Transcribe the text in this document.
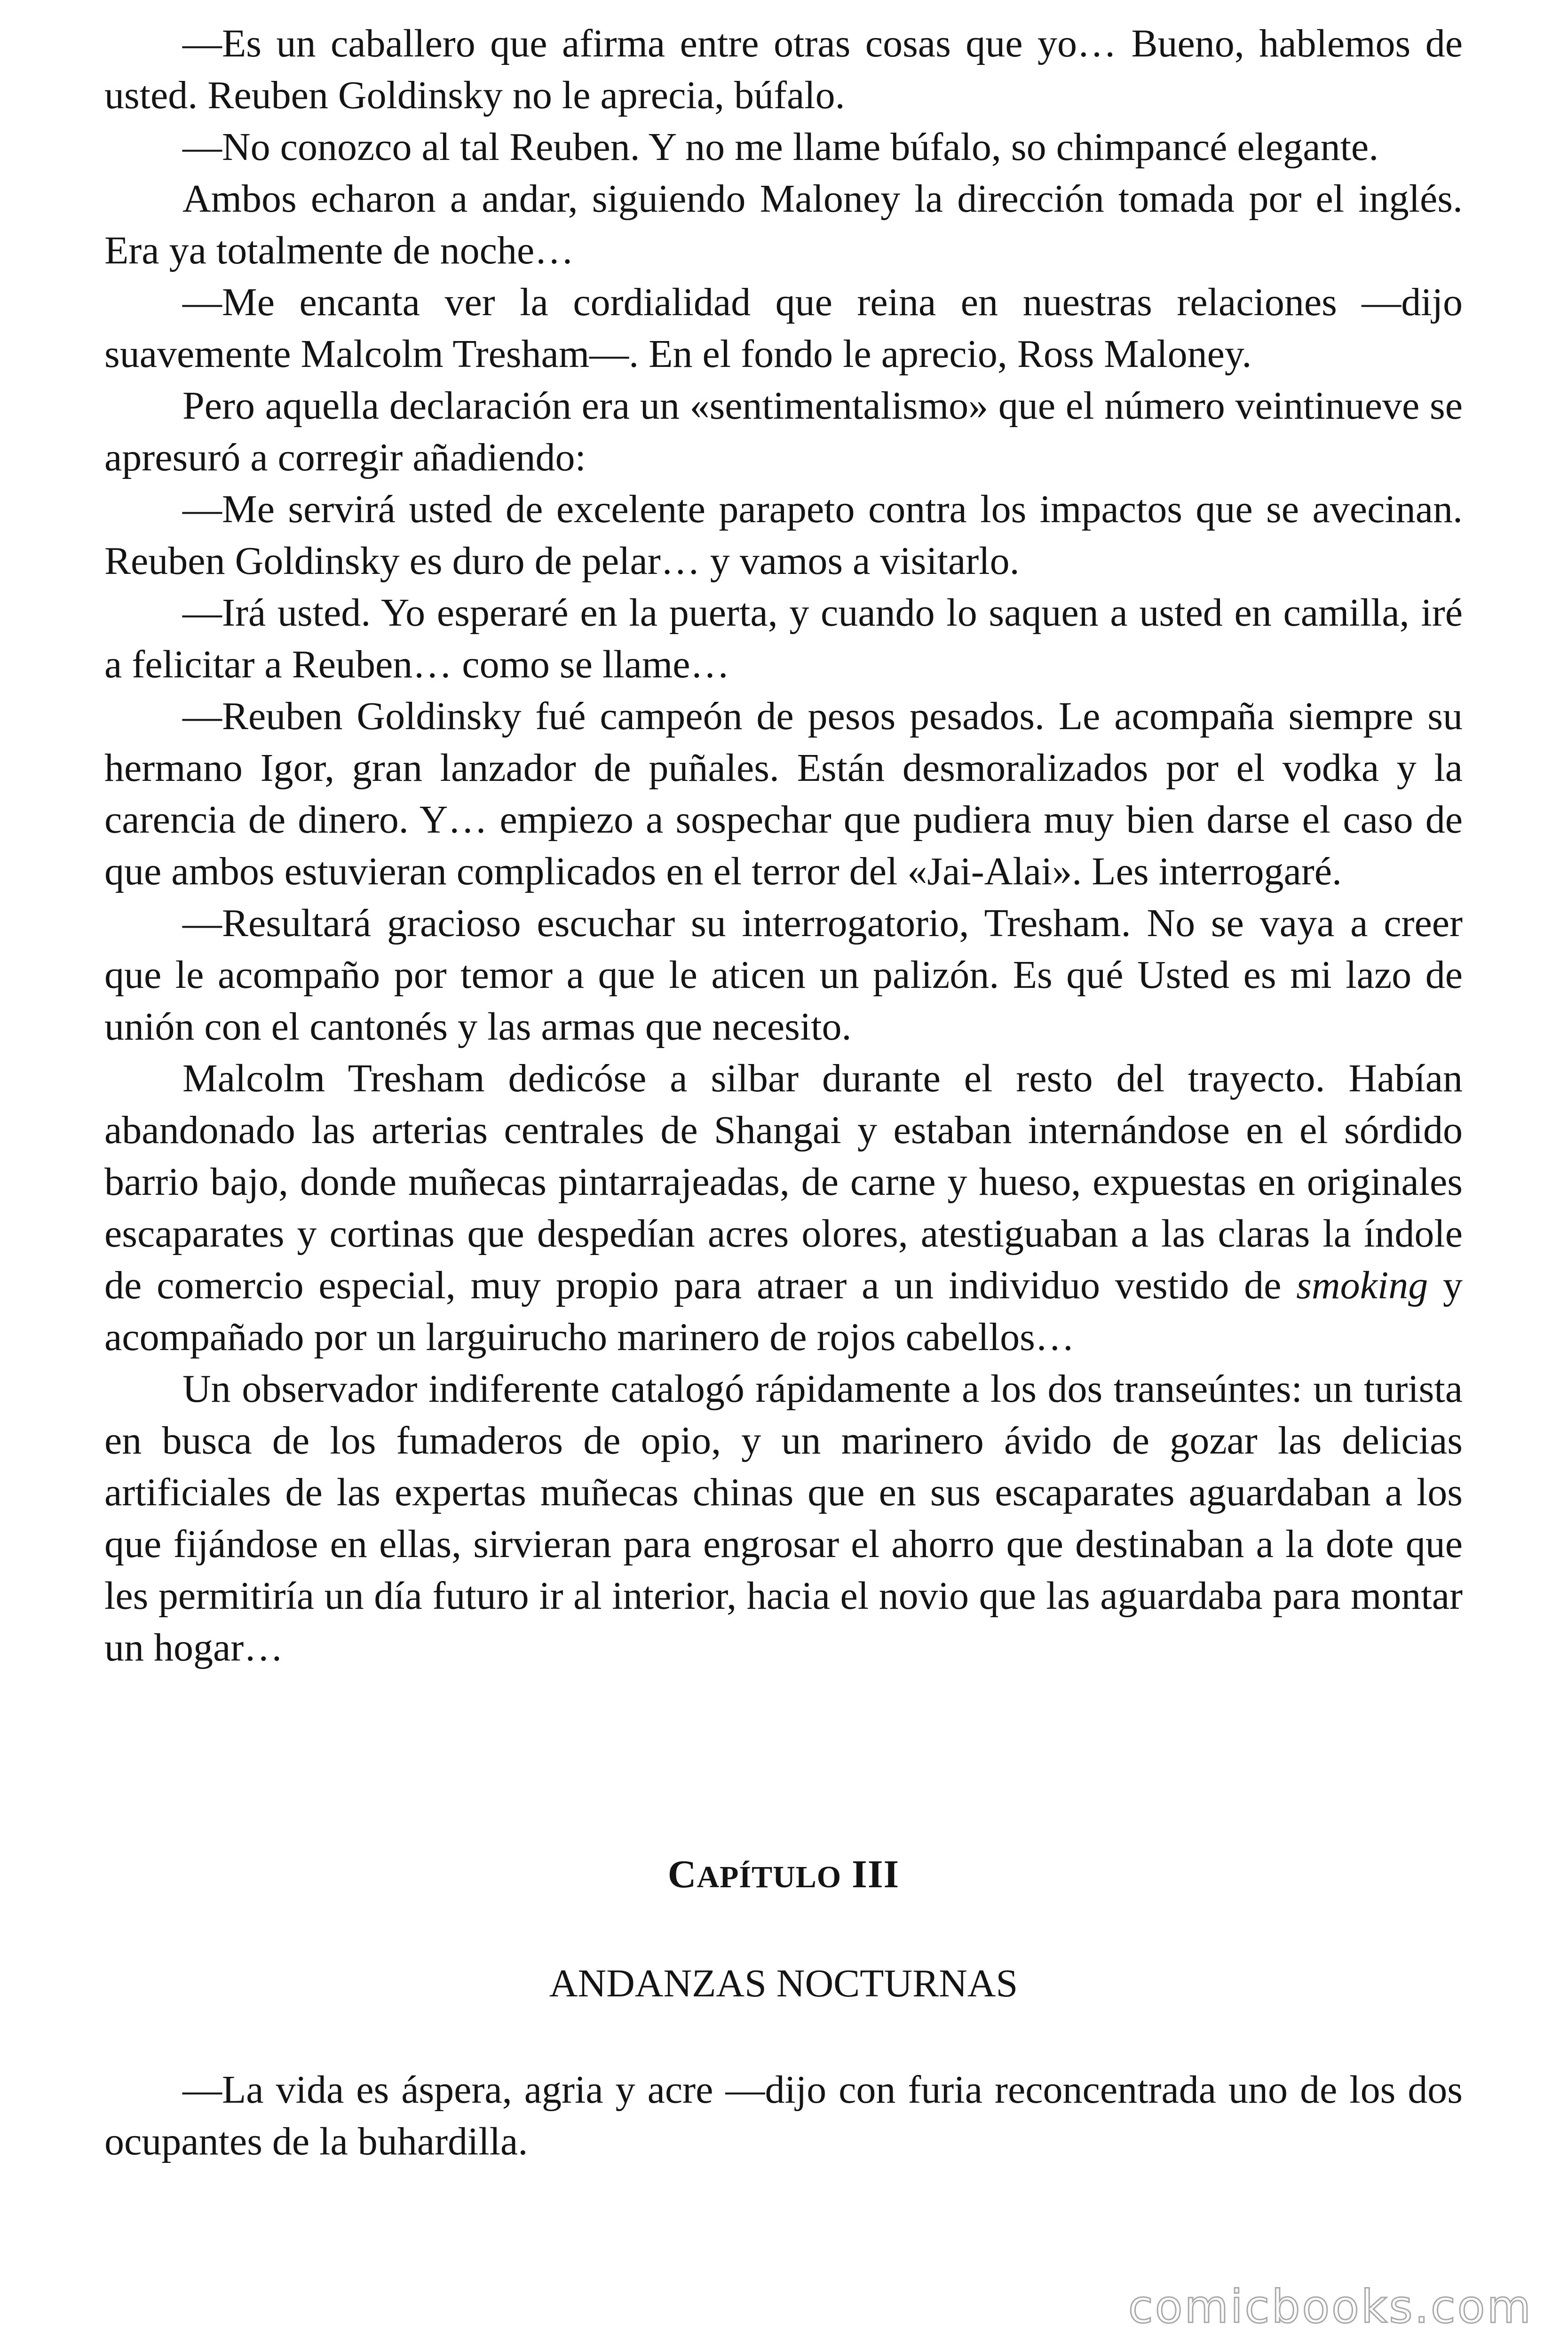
—Es un caballero que afirma entre otras cosas que yo… Bueno, hablemos de usted. Reuben Goldinsky no le aprecia, búfalo.

—No conozco al tal Reuben. Y no me llame búfalo, so chimpancé elegante.

Ambos echaron a andar, siguiendo Maloney la dirección tomada por el inglés. Era ya totalmente de noche…

—Me encanta ver la cordialidad que reina en nuestras relaciones —dijo suavemente Malcolm Tresham—. En el fondo le aprecio, Ross Maloney.

Pero aquella declaración era un «sentimentalismo» que el número veintinueve se apresuró a corregir añadiendo:

—Me servirá usted de excelente parapeto contra los impactos que se avecinan. Reuben Goldinsky es duro de pelar… y vamos a visitarlo.

—Irá usted. Yo esperaré en la puerta, y cuando lo saquen a usted en camilla, iré a felicitar a Reuben… como se llame…

—Reuben Goldinsky fué campeón de pesos pesados. Le acompaña siempre su hermano Igor, gran lanzador de puñales. Están desmoralizados por el vodka y la carencia de dinero. Y… empiezo a sospechar que pudiera muy bien darse el caso de que ambos estuvieran complicados en el terror del «Jai-Alai». Les interrogaré.

—Resultará gracioso escuchar su interrogatorio, Tresham. No se vaya a creer que le acompaño por temor a que le aticen un palizón. Es qué Usted es mi lazo de unión con el cantonés y las armas que necesito.

Malcolm Tresham dedicóse a silbar durante el resto del trayecto. Habían abandonado las arterias centrales de Shangai y estaban internándose en el sórdido barrio bajo, donde muñecas pintarrajeadas, de carne y hueso, expuestas en originales escaparates y cortinas que despedían acres olores, atestiguaban a las claras la índole de comercio especial, muy propio para atraer a un individuo vestido de smoking y acompañado por un larguirucho marinero de rojos cabellos…

Un observador indiferente catalogó rápidamente a los dos transeúntes: un turista en busca de los fumaderos de opio, y un marinero ávido de gozar las delicias artificiales de las expertas muñecas chinas que en sus escaparates aguardaban a los que fijándose en ellas, sirvieran para engrosar el ahorro que destinaban a la dote que les permitiría un día futuro ir al interior, hacia el novio que las aguardaba para montar un hogar…

CAPÍTULO III
ANDANZAS NOCTURNAS

—La vida es áspera, agria y acre —dijo con furia reconcentrada uno de los dos ocupantes de la buhardilla.

comicbooks.com
